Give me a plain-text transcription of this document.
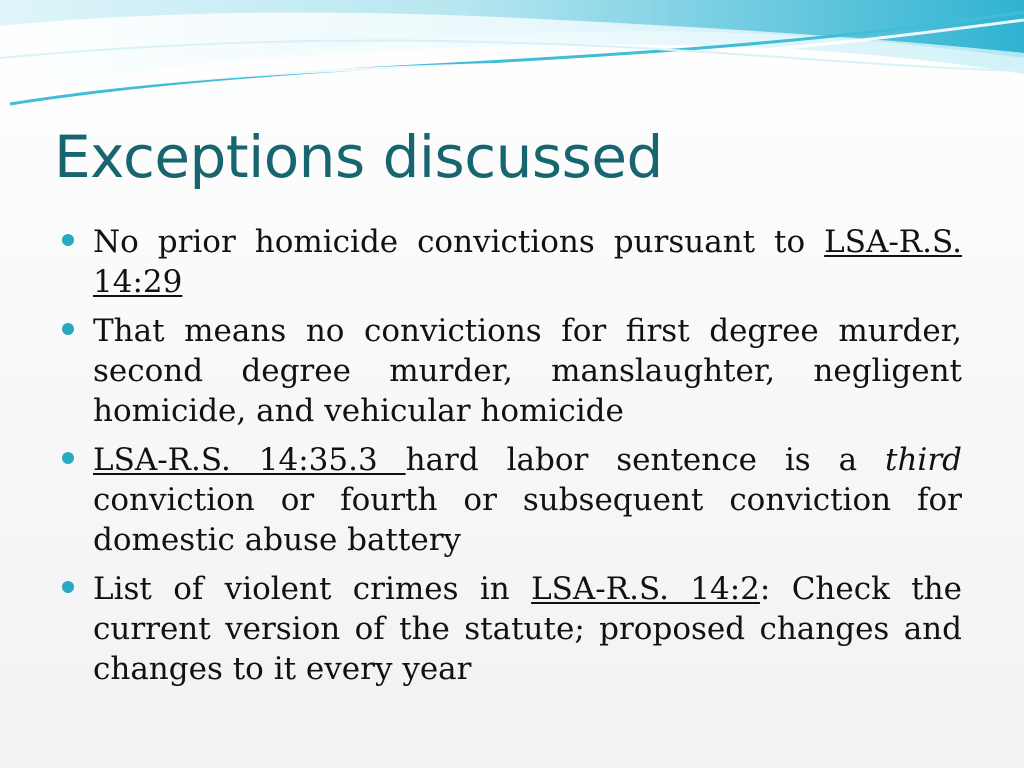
Exceptions discussed
No prior homicide convictions pursuant to LSA-R.S. 14:29
That means no convictions for first degree murder, second degree murder, manslaughter, negligent homicide, and vehicular homicide
LSA-R.S. 14:35.3 hard labor sentence is a third conviction or fourth or subsequent conviction for domestic abuse battery
List of violent crimes in LSA-R.S. 14:2: Check the current version of the statute; proposed changes and changes to it every year
